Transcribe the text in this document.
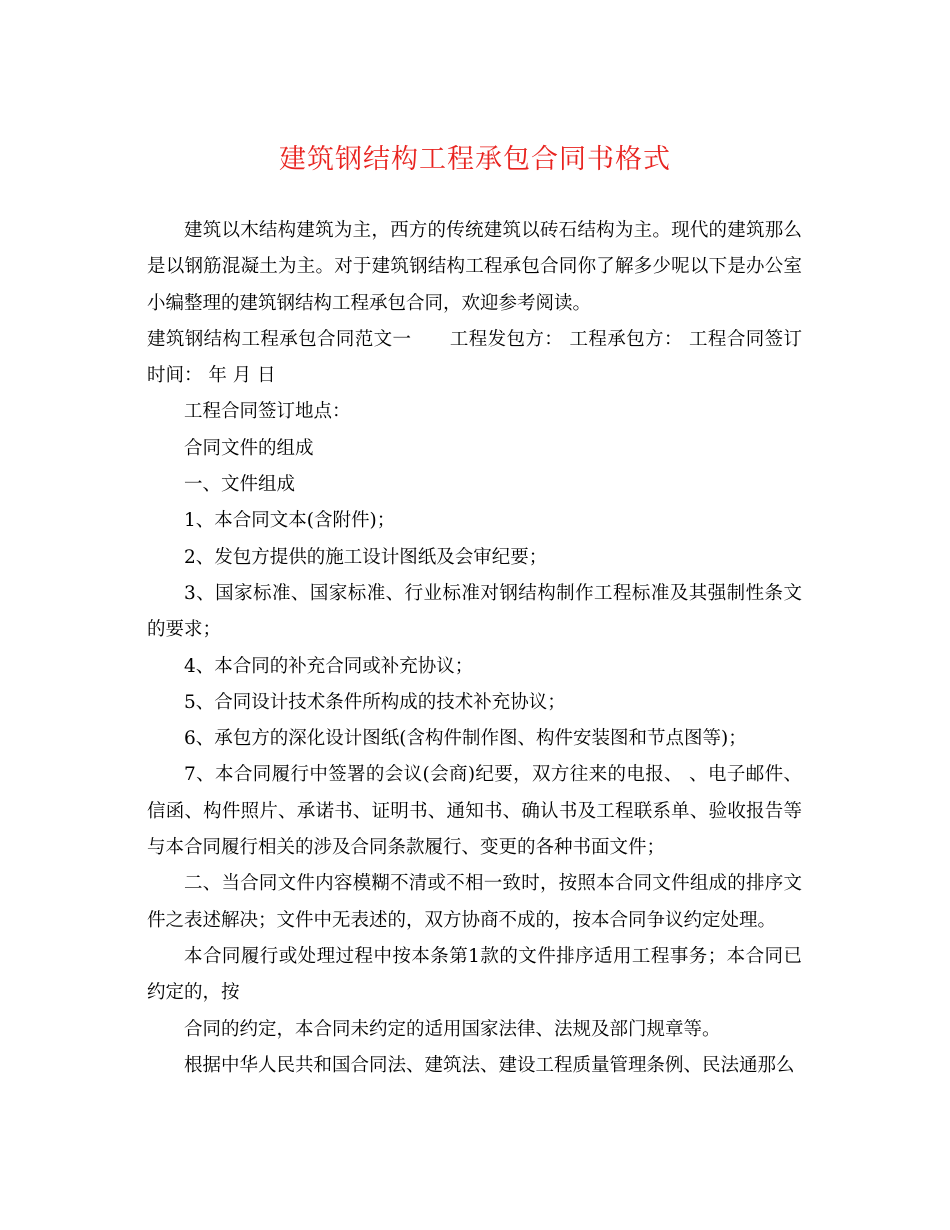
建筑钢结构工程承包合同书格式

建筑以木结构建筑为主，西方的传统建筑以砖石结构为主。现代的建筑那么是以钢筋混凝土为主。对于建筑钢结构工程承包合同你了解多少呢以下是办公室小编整理的建筑钢结构工程承包合同，欢迎参考阅读。

建筑钢结构工程承包合同范文一 工程发包方： 工程承包方： 工程合同签订时间： 年 月 日

工程合同签订地点：

合同文件的组成

一、文件组成

1、本合同文本(含附件)；

2、发包方提供的施工设计图纸及会审纪要；

3、国家标准、国家标准、行业标准对钢结构制作工程标准及其强制性条文的要求；

4、本合同的补充合同或补充协议；

5、合同设计技术条件所构成的技术补充协议；

6、承包方的深化设计图纸(含构件制作图、构件安装图和节点图等)；

7、本合同履行中签署的会议(会商)纪要，双方往来的电报、 、电子邮件、信函、构件照片、承诺书、证明书、通知书、确认书及工程联系单、验收报告等与本合同履行相关的涉及合同条款履行、变更的各种书面文件；

二、当合同文件内容模糊不清或不相一致时，按照本合同文件组成的排序文件之表述解决；文件中无表述的，双方协商不成的，按本合同争议约定处理。

本合同履行或处理过程中按本条第1款的文件排序适用工程事务；本合同已约定的，按

合同的约定，本合同未约定的适用国家法律、法规及部门规章等。

根据中华人民共和国合同法、建筑法、建设工程质量管理条例、民法通那么
